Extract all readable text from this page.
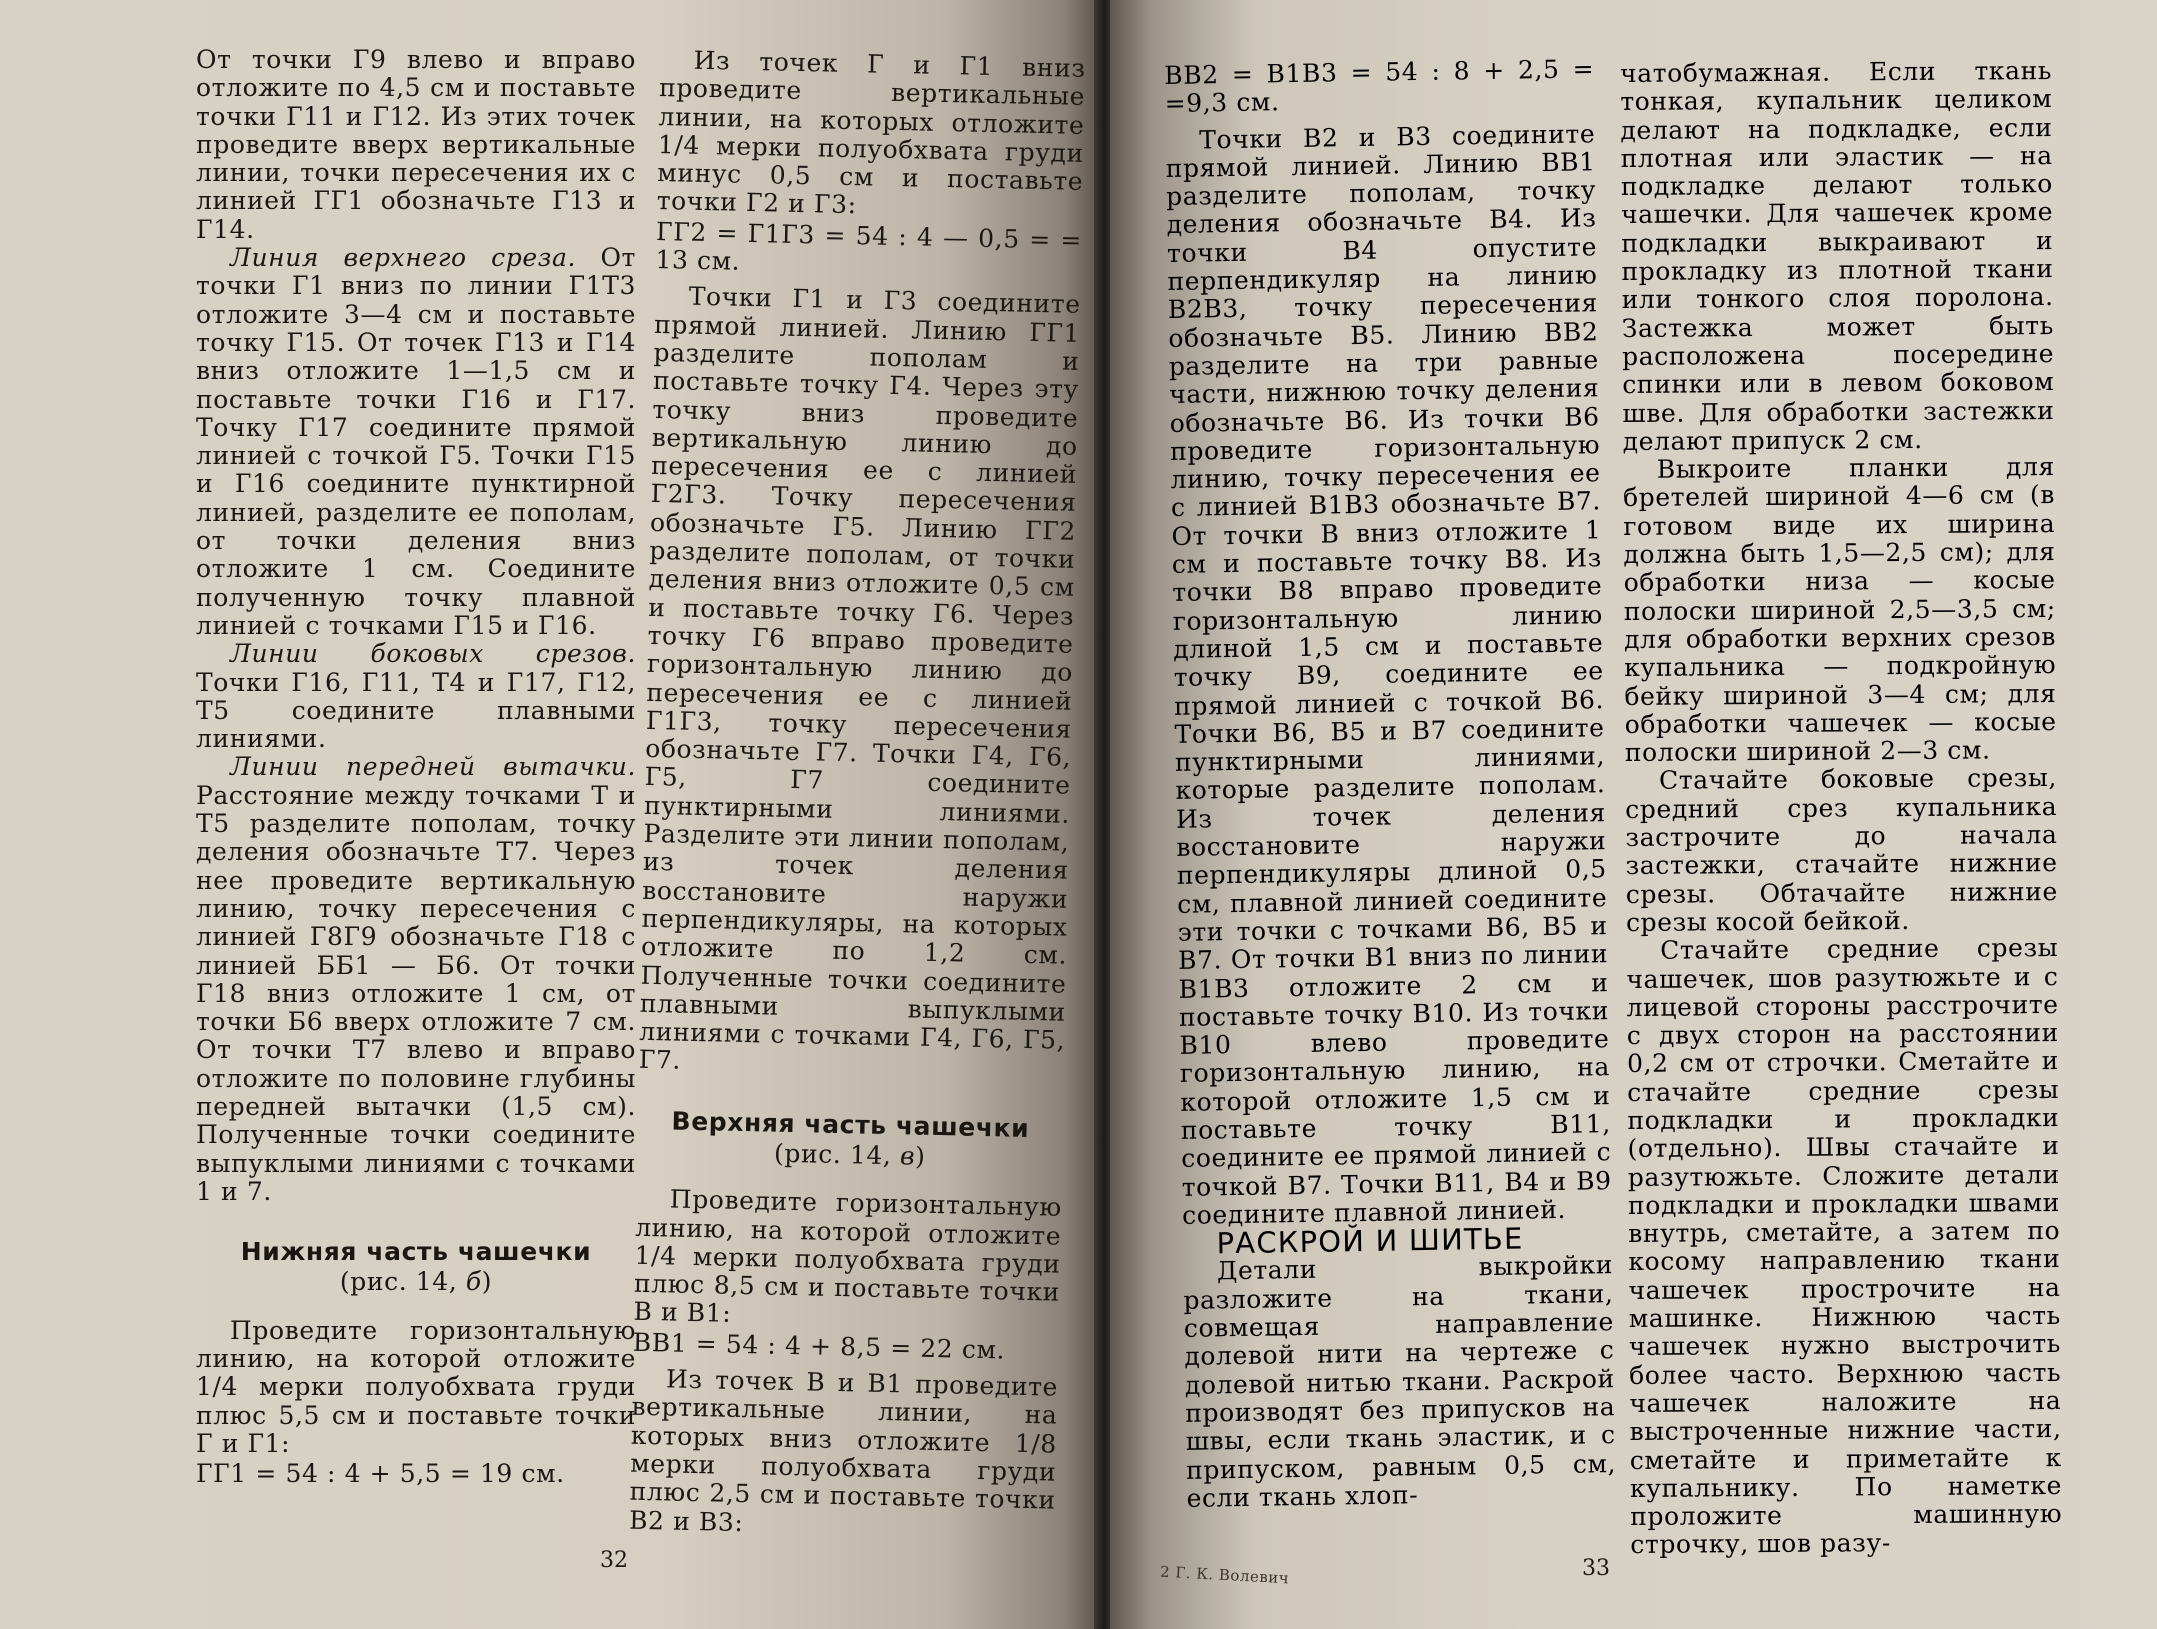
От точки Г9 влево и вправо отложите по 4,5 см и поставьте точки Г11 и Г12. Из этих точек проведите вверх вертикальные линии, точки пересечения их с линией ГГ1 обозначьте Г13 и Г14.

Линия верхнего среза. От точки Г1 вниз по линии Г1Т3 отложите 3—4 см и поставьте точку Г15. От точек Г13 и Г14 вниз отложите 1—1,5 см и поставьте точки Г16 и Г17. Точку Г17 соедините прямой линией с точкой Г5. Точки Г15 и Г16 соедините пунктирной линией, разделите ее пополам, от точки деления вниз отложите 1 см. Соедините полученную точку плавной линией с точками Г15 и Г16.

Линии боковых срезов. Точки Г16, Г11, Т4 и Г17, Г12, Т5 соедините плавными линиями.

Линии передней вытачки. Расстояние между точками Т и Т5 разделите пополам, точку деления обозначьте Т7. Через нее проведите вертикальную линию, точку пересечения с линией Г8Г9 обозначьте Г18 с линией ББ1 — Б6. От точки Г18 вниз отложите 1 см, от точки Б6 вверх отложите 7 см. От точки Т7 влево и вправо отложите по половине глубины передней вытачки (1,5 см). Полученные точки соедините выпуклыми линиями с точками 1 и 7.

Нижняя часть чашечки

(рис. 14, б)

Проведите горизонтальную линию, на которой отложите 1/4 мерки полуобхвата груди плюс 5,5 см и поставьте точки Г и Г1:

ГГ1 = 54 : 4 + 5,5 = 19 см.

Из точек Г и Г1 вниз проведите вертикальные линии, на которых отложите 1/4 мерки полуобхвата груди минус 0,5 см и поставьте точки Г2 и Г3:

ГГ2 = Г1Г3 = 54 : 4 — 0,5 = = 13 см.

Точки Г1 и Г3 соедините прямой линией. Линию ГГ1 разделите пополам и поставьте точку Г4. Через эту точку вниз проведите вертикальную линию до пересечения ее с линией Г2Г3. Точку пересечения обозначьте Г5. Линию ГГ2 разделите пополам, от точки деления вниз отложите 0,5 см и поставьте точку Г6. Через точку Г6 вправо проведите горизонтальную линию до пересечения ее с линией Г1Г3, точку пересечения обозначьте Г7. Точки Г4, Г6, Г5, Г7 соедините пунктирными линиями. Разделите эти линии пополам, из точек деления восстановите наружи перпендикуляры, на которых отложите по 1,2 см. Полученные точки соедините плавными выпуклыми линиями с точками Г4, Г6, Г5, Г7.

Верхняя часть чашечки

(рис. 14, в)

Проведите горизонтальную линию, на которой отложите 1/4 мерки полуобхвата груди плюс 8,5 см и поставьте точки В и В1:

ВВ1 = 54 : 4 + 8,5 = 22 см.

Из точек В и В1 проведите вертикальные линии, на которых вниз отложите 1/8 мерки полуобхвата груди плюс 2,5 см и поставьте точки В2 и В3:

32

ВВ2 = В1В3 = 54 : 8 + 2,5 = =9,3 см.

Точки В2 и В3 соедините прямой линией. Линию ВВ1 разделите пополам, точку деления обозначьте В4. Из точки В4 опустите перпендикуляр на линию В2В3, точку пересечения обозначьте В5. Линию ВВ2 разделите на три равные части, нижнюю точку деления обозначьте В6. Из точки В6 проведите горизонтальную линию, точку пересечения ее с линией В1В3 обозначьте В7. От точки В вниз отложите 1 см и поставьте точку В8. Из точки В8 вправо проведите горизонтальную линию длиной 1,5 см и поставьте точку В9, соедините ее прямой линией с точкой В6. Точки В6, В5 и В7 соедините пунктирными линиями, которые разделите пополам. Из точек деления восстановите наружи перпендикуляры длиной 0,5 см, плавной линией соедините эти точки с точками В6, В5 и В7. От точки В1 вниз по линии В1В3 отложите 2 см и поставьте точку В10. Из точки В10 влево проведите горизонтальную линию, на которой отложите 1,5 см и поставьте точку В11, соедините ее прямой линией с точкой В7. Точки В11, В4 и В9 соедините плавной линией.

РАСКРОЙ И ШИТЬЕ

Детали выкройки разложите на ткани, совмещая направление долевой нити на чертеже с долевой нитью ткани. Раскрой производят без припусков на швы, если ткань эластик, и с припуском, равным 0,5 см, если ткань хлоп-

чатобумажная. Если ткань тонкая, купальник целиком делают на подкладке, если плотная или эластик — на подкладке делают только чашечки. Для чашечек кроме подкладки выкраивают и прокладку из плотной ткани или тонкого слоя поролона. Застежка может быть расположена посередине спинки или в левом боковом шве. Для обработки застежки делают припуск 2 см.

Выкроите планки для бретелей шириной 4—6 см (в готовом виде их ширина должна быть 1,5—2,5 см); для обработки низа — косые полоски шириной 2,5—3,5 см; для обработки верхних срезов купальника — подкройную бейку шириной 3—4 см; для обработки чашечек — косые полоски шириной 2—3 см.

Стачайте боковые срезы, средний срез купальника застрочите до начала застежки, стачайте нижние срезы. Обтачайте нижние срезы косой бейкой.

Стачайте средние срезы чашечек, шов разутюжьте и с лицевой стороны расстрочите с двух сторон на расстоянии 0,2 см от строчки. Сметайте и стачайте средние срезы подкладки и прокладки (отдельно). Швы стачайте и разутюжьте. Сложите детали подкладки и прокладки швами внутрь, сметайте, а затем по косому направлению ткани чашечек прострочите на машинке. Нижнюю часть чашечек нужно выстрочить более часто. Верхнюю часть чашечек наложите на выстроченные нижние части, сметайте и приметайте к купальнику. По наметке проложите машинную строчку, шов разу-

2 Г. К. Волевич	33
